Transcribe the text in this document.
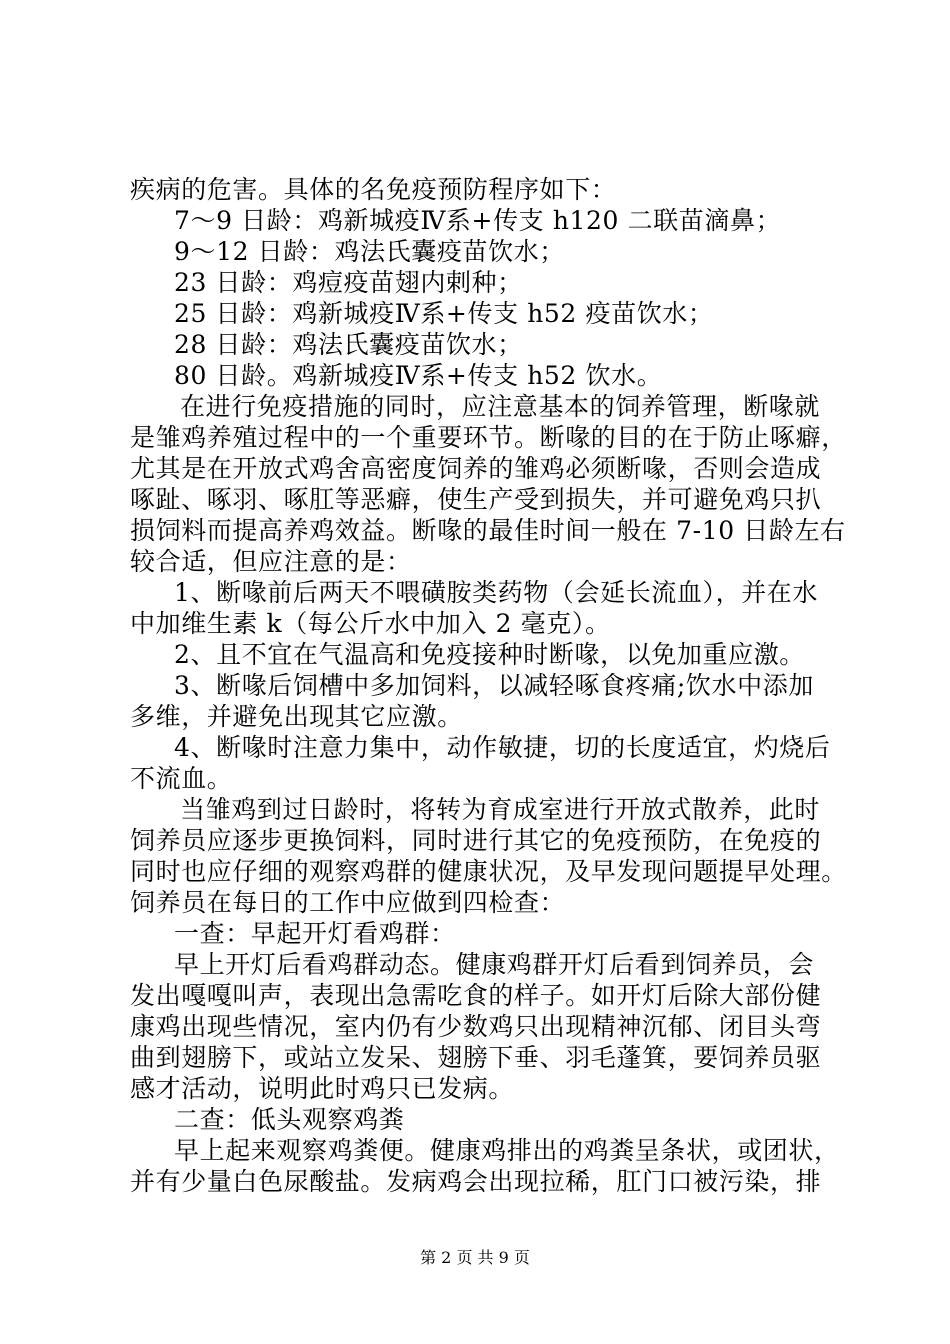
疾病的危害。具体的名免疫预防程序如下：
7～9 日龄：鸡新城疫Ⅳ系+传支 h120 二联苗滴鼻；
9～12 日龄：鸡法氏囊疫苗饮水；
23 日龄：鸡痘疫苗翅内剌种；
25 日龄：鸡新城疫Ⅳ系+传支 h52 疫苗饮水；
28 日龄：鸡法氏囊疫苗饮水；
80 日龄。鸡新城疫Ⅳ系+传支 h52 饮水。
在进行免疫措施的同时，应注意基本的饲养管理，断喙就
是雏鸡养殖过程中的一个重要环节。断喙的目的在于防止啄癖，
尤其是在开放式鸡舍高密度饲养的雏鸡必须断喙，否则会造成
啄趾、啄羽、啄肛等恶癖，使生产受到损失，并可避免鸡只扒
损饲料而提高养鸡效益。断喙的最佳时间一般在 7-10 日龄左右
较合适，但应注意的是：
1、断喙前后两天不喂磺胺类药物（会延长流血），并在水
中加维生素 k（每公斤水中加入 2 毫克）。
2、且不宜在气温高和免疫接种时断喙，以免加重应激。
3、断喙后饲槽中多加饲料，以减轻啄食疼痛;饮水中添加
多维，并避免出现其它应激。
4、断喙时注意力集中，动作敏捷，切的长度适宜，灼烧后
不流血。
当雏鸡到过日龄时，将转为育成室进行开放式散养，此时
饲养员应逐步更换饲料，同时进行其它的免疫预防，在免疫的
同时也应仔细的观察鸡群的健康状况，及早发现问题提早处理。
饲养员在每日的工作中应做到四检查：
一查：早起开灯看鸡群：
早上开灯后看鸡群动态。健康鸡群开灯后看到饲养员，会
发出嘎嘎叫声，表现出急需吃食的样子。如开灯后除大部份健
康鸡出现些情况，室内仍有少数鸡只出现精神沉郁、闭目头弯
曲到翅膀下，或站立发呆、翅膀下垂、羽毛蓬箕，要饲养员驱
感才活动，说明此时鸡只已发病。
二查：低头观察鸡粪
早上起来观察鸡粪便。健康鸡排出的鸡粪呈条状，或团状，
并有少量白色尿酸盐。发病鸡会出现拉稀，肛门口被污染，排
第 2 页 共 9 页
